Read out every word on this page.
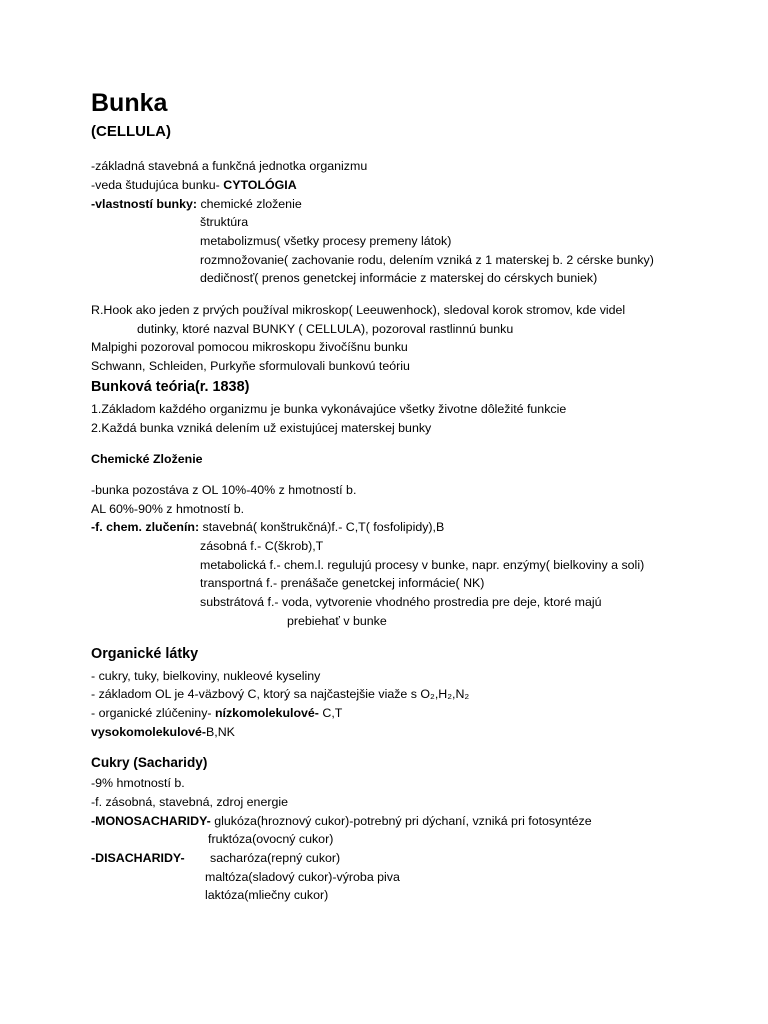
Bunka
(CELLULA)
-základná stavebná a funkčná jednotka organizmu
-veda študujúca bunku- CYTOLÓGIA
-vlastností bunky: chemické zloženie
štruktúra
metabolizmus( všetky procesy premeny látok)
rozmnožovanie( zachovanie rodu, delením vzniká z 1 materskej b. 2 cérske bunky)
dedičnosť( prenos genetckej informácie z materskej do cérskych buniek)
R.Hook ako jeden z prvých používal mikroskop( Leeuwenhock), sledoval korok stromov, kde videl
dutinky, ktoré nazval BUNKY ( CELLULA), pozoroval rastlinnú bunku
Malpighi pozoroval pomocou mikroskopu živočíšnu bunku
Schwann, Schleiden, Purkyňe sformulovali bunkovú teóriu
Bunková teória(r. 1838)
1.Základom každého organizmu je bunka vykonávajúce všetky životne dôležité funkcie
2.Každá bunka vzniká delením už existujúcej materskej bunky
Chemické Zloženie
-bunka pozostáva z OL 10%-40% z hmotností b.
AL 60%-90% z hmotností b.
-f. chem. zlučenín: stavebná( konštrukčná)f.- C,T( fosfolipidy),B
zásobná f.- C(škrob),T
metabolická f.- chem.l. regulujú procesy v bunke, napr. enzýmy( bielkoviny a soli)
transportná f.- prenášače genetckej informácie( NK)
substrátová f.- voda, vytvorenie vhodného prostredia pre deje, ktoré majú
prebiehať v bunke
Organické látky
- cukry, tuky, bielkoviny, nukleové kyseliny
- základom OL je 4-väzbový C, ktorý sa najčastejšie viaže s O₂,H₂,N₂
- organické zlúčeniny- nízkomolekulové- C,T
vysokomolekulové-B,NK
Cukry (Sacharidy)
-9% hmotností b.
-f. zásobná, stavebná, zdroj energie
-MONOSACHARIDY- glukóza(hroznový cukor)-potrebný pri dýchaní, vzniká pri fotosyntéze
fruktóza(ovocný cukor)
-DISACHARIDY- sacharóza(repný cukor)
maltóza(sladový cukor)-výroba piva
laktóza(mliečny cukor)
